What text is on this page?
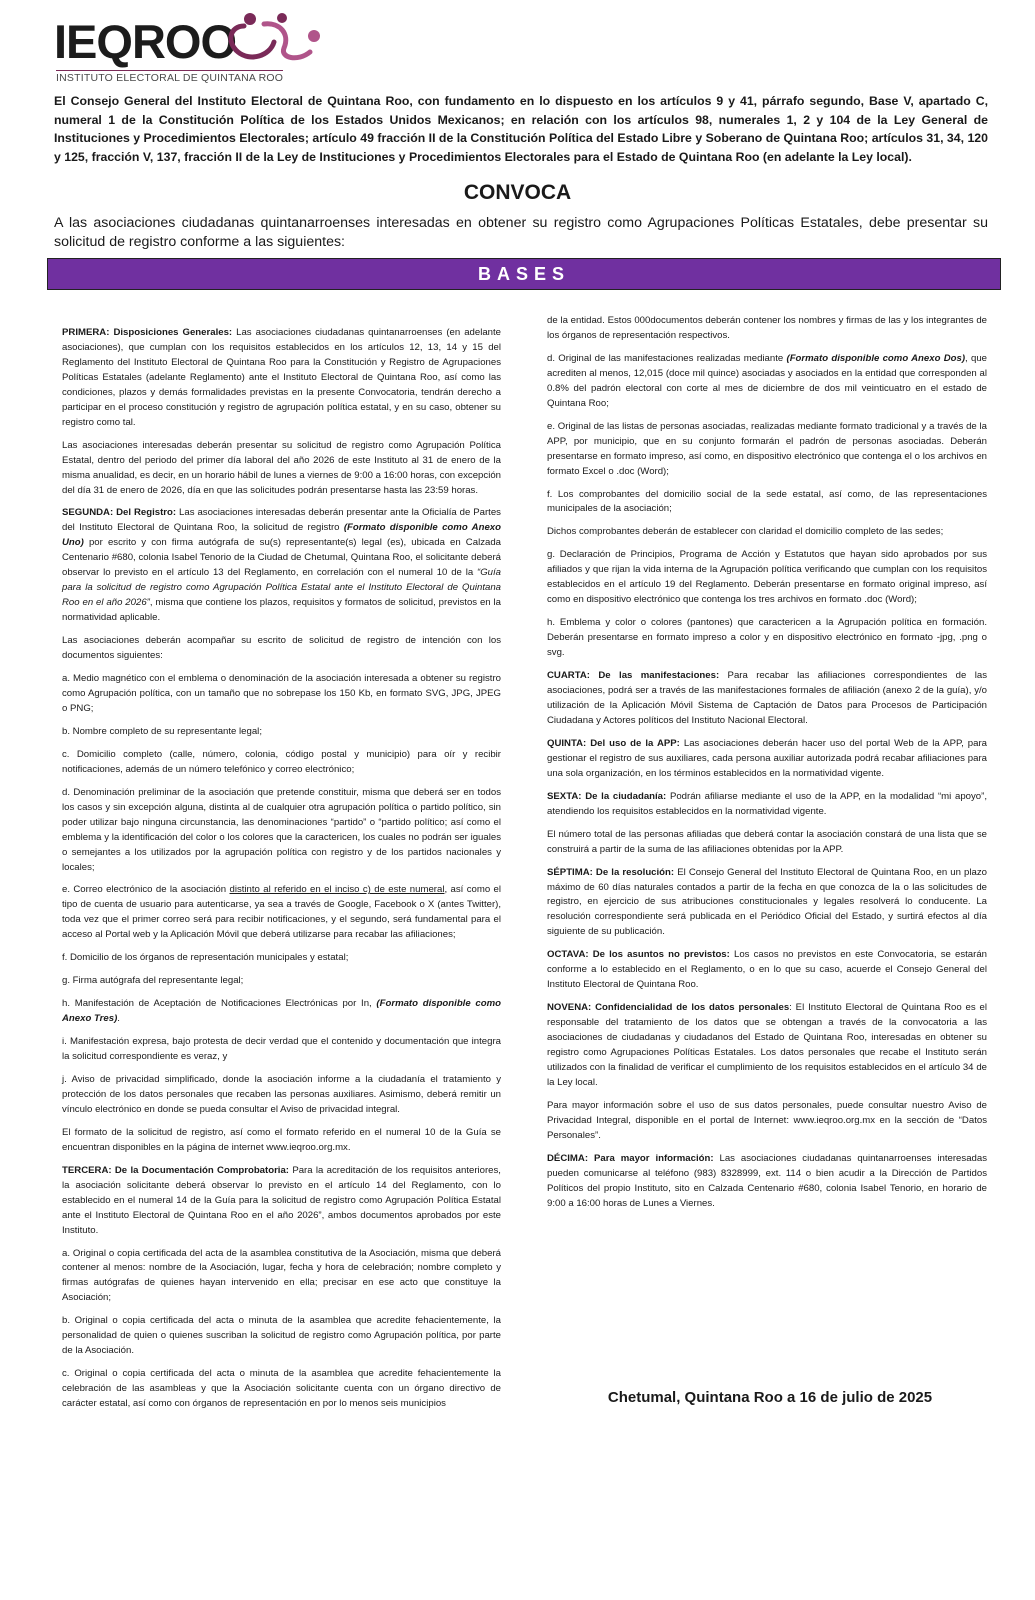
IEQROO
INSTITUTO ELECTORAL DE QUINTANA ROO

El Consejo General del Instituto Electoral de Quintana Roo, con fundamento en lo dispuesto en los artículos 9 y 41, párrafo segundo, Base V, apartado C, numeral 1 de la Constitución Política de los Estados Unidos Mexicanos; en relación con los artículos 98, numerales 1, 2 y 104 de la Ley General de Instituciones y Procedimientos Electorales; artículo 49 fracción II de la Constitución Política del Estado Libre y Soberano de Quintana Roo; artículos 31, 34, 120 y 125, fracción V, 137, fracción II de la Ley de Instituciones y Procedimientos Electorales para el Estado de Quintana Roo (en adelante la Ley local).

CONVOCA

A las asociaciones ciudadanas quintanarroenses interesadas en obtener su registro como Agrupaciones Políticas Estatales, debe presentar su solicitud de registro conforme a las siguientes:

BASES

PRIMERA: Disposiciones Generales: Las asociaciones ciudadanas quintanarroenses (en adelante asociaciones), que cumplan con los requisitos establecidos en los artículos 12, 13, 14 y 15 del Reglamento del Instituto Electoral de Quintana Roo para la Constitución y Registro de Agrupaciones Políticas Estatales (adelante Reglamento) ante el Instituto Electoral de Quintana Roo, así como las condiciones, plazos y demás formalidades previstas en la presente Convocatoria, tendrán derecho a participar en el proceso constitución y registro de agrupación política estatal, y en su caso, obtener su registro como tal.

Las asociaciones interesadas deberán presentar su solicitud de registro como Agrupación Política Estatal, dentro del periodo del primer día laboral del año 2026 de este Instituto al 31 de enero de la misma anualidad, es decir, en un horario hábil de lunes a viernes de 9:00 a 16:00 horas, con excepción del día 31 de enero de 2026, día en que las solicitudes podrán presentarse hasta las 23:59 horas.

SEGUNDA: Del Registro: Las asociaciones interesadas deberán presentar ante la Oficialía de Partes del Instituto Electoral de Quintana Roo, la solicitud de registro (Formato disponible como Anexo Uno) por escrito y con firma autógrafa de su(s) representante(s) legal (es), ubicada en Calzada Centenario #680, colonia Isabel Tenorio de la Ciudad de Chetumal, Quintana Roo, el solicitante deberá observar lo previsto en el artículo 13 del Reglamento, en correlación con el numeral 10 de la “Guía para la solicitud de registro como Agrupación Política Estatal ante el Instituto Electoral de Quintana Roo en el año 2026”, misma que contiene los plazos, requisitos y formatos de solicitud, previstos en la normatividad aplicable.

Las asociaciones deberán acompañar su escrito de solicitud de registro de intención con los documentos siguientes:

a. Medio magnético con el emblema o denominación de la asociación interesada a obtener su registro como Agrupación política, con un tamaño que no sobrepase los 150 Kb, en formato SVG, JPG, JPEG o PNG;

b. Nombre completo de su representante legal;

c. Domicilio completo (calle, número, colonia, código postal y municipio) para oír y recibir notificaciones, además de un número telefónico y correo electrónico;

d. Denominación preliminar de la asociación que pretende constituir, misma que deberá ser en todos los casos y sin excepción alguna, distinta al de cualquier otra agrupación política o partido político, sin poder utilizar bajo ninguna circunstancia, las denominaciones “partido” o “partido político; así como el emblema y la identificación del color o los colores que la caractericen, los cuales no podrán ser iguales o semejantes a los utilizados por la agrupación política con registro y de los partidos nacionales y locales;

e. Correo electrónico de la asociación distinto al referido en el inciso c) de este numeral, así como el tipo de cuenta de usuario para autenticarse, ya sea a través de Google, Facebook o X (antes Twitter), toda vez que el primer correo será para recibir notificaciones, y el segundo, será fundamental para el acceso al Portal web y la Aplicación Móvil que deberá utilizarse para recabar las afiliaciones;

f. Domicilio de los órganos de representación municipales y estatal;

g. Firma autógrafa del representante legal;

h. Manifestación de Aceptación de Notificaciones Electrónicas por In, (Formato disponible como Anexo Tres).

i. Manifestación expresa, bajo protesta de decir verdad que el contenido y documentación que integra la solicitud correspondiente es veraz, y

j. Aviso de privacidad simplificado, donde la asociación informe a la ciudadanía el tratamiento y protección de los datos personales que recaben las personas auxiliares. Asimismo, deberá remitir un vínculo electrónico en donde se pueda consultar el Aviso de privacidad integral.

El formato de la solicitud de registro, así como el formato referido en el numeral 10 de la Guía se encuentran disponibles en la página de internet www.ieqroo.org.mx.

TERCERA: De la Documentación Comprobatoria: Para la acreditación de los requisitos anteriores, la asociación solicitante deberá observar lo previsto en el artículo 14 del Reglamento, con lo establecido en el numeral 14 de la Guía para la solicitud de registro como Agrupación Política Estatal ante el Instituto Electoral de Quintana Roo en el año 2026”, ambos documentos aprobados por este Instituto.

a. Original o copia certificada del acta de la asamblea constitutiva de la Asociación, misma que deberá contener al menos: nombre de la Asociación, lugar, fecha y hora de celebración; nombre completo y firmas autógrafas de quienes hayan intervenido en ella; precisar en ese acto que constituye la Asociación;

b. Original o copia certificada del acta o minuta de la asamblea que acredite fehacientemente, la personalidad de quien o quienes suscriban la solicitud de registro como Agrupación política, por parte de la Asociación.

c. Original o copia certificada del acta o minuta de la asamblea que acredite fehacientemente la celebración de las asambleas y que la Asociación solicitante cuenta con un órgano directivo de carácter estatal, así como con órganos de representación en por lo menos seis municipios

de la entidad. Estos 000documentos deberán contener los nombres y firmas de las y los integrantes de los órganos de representación respectivos.

d. Original de las manifestaciones realizadas mediante (Formato disponible como Anexo Dos), que acrediten al menos, 12,015 (doce mil quince) asociadas y asociados en la entidad que corresponden al 0.8% del padrón electoral con corte al mes de diciembre de dos mil veinticuatro en el estado de Quintana Roo;

e. Original de las listas de personas asociadas, realizadas mediante formato tradicional y a través de la APP, por municipio, que en su conjunto formarán el padrón de personas asociadas. Deberán presentarse en formato impreso, así como, en dispositivo electrónico que contenga el o los archivos en formato Excel o .doc (Word);

f. Los comprobantes del domicilio social de la sede estatal, así como, de las representaciones municipales de la asociación;

Dichos comprobantes deberán de establecer con claridad el domicilio completo de las sedes;

g. Declaración de Principios, Programa de Acción y Estatutos que hayan sido aprobados por sus afiliados y que rijan la vida interna de la Agrupación política verificando que cumplan con los requisitos establecidos en el artículo 19 del Reglamento. Deberán presentarse en formato original impreso, así como en dispositivo electrónico que contenga los tres archivos en formato .doc (Word);

h. Emblema y color o colores (pantones) que caractericen a la Agrupación política en formación. Deberán presentarse en formato impreso a color y en dispositivo electrónico en formato -jpg, .png o svg.

CUARTA: De las manifestaciones: Para recabar las afiliaciones correspondientes de las asociaciones, podrá ser a través de las manifestaciones formales de afiliación (anexo 2 de la guía), y/o utilización de la Aplicación Móvil Sistema de Captación de Datos para Procesos de Participación Ciudadana y Actores políticos del Instituto Nacional Electoral.

QUINTA: Del uso de la APP: Las asociaciones deberán hacer uso del portal Web de la APP, para gestionar el registro de sus auxiliares, cada persona auxiliar autorizada podrá recabar afiliaciones para una sola organización, en los términos establecidos en la normatividad vigente.

SEXTA: De la ciudadanía: Podrán afiliarse mediante el uso de la APP, en la modalidad “mi apoyo”, atendiendo los requisitos establecidos en la normatividad vigente.

El número total de las personas afiliadas que deberá contar la asociación constará de una lista que se construirá a partir de la suma de las afiliaciones obtenidas por la APP.

SÉPTIMA: De la resolución: El Consejo General del Instituto Electoral de Quintana Roo, en un plazo máximo de 60 días naturales contados a partir de la fecha en que conozca de la o las solicitudes de registro, en ejercicio de sus atribuciones constitucionales y legales resolverá lo conducente. La resolución correspondiente será publicada en el Periódico Oficial del Estado, y surtirá efectos al día siguiente de su publicación.

OCTAVA: De los asuntos no previstos: Los casos no previstos en este Convocatoria, se estarán conforme a lo establecido en el Reglamento, o en lo que su caso, acuerde el Consejo General del Instituto Electoral de Quintana Roo.

NOVENA: Confidencialidad de los datos personales: El Instituto Electoral de Quintana Roo es el responsable del tratamiento de los datos que se obtengan a través de la convocatoria a las asociaciones de ciudadanas y ciudadanos del Estado de Quintana Roo, interesadas en obtener su registro como Agrupaciones Políticas Estatales. Los datos personales que recabe el Instituto serán utilizados con la finalidad de verificar el cumplimiento de los requisitos establecidos en el artículo 34 de la Ley local.

Para mayor información sobre el uso de sus datos personales, puede consultar nuestro Aviso de Privacidad Integral, disponible en el portal de Internet: www.ieqroo.org.mx en la sección de “Datos Personales”.

DÉCIMA: Para mayor información: Las asociaciones ciudadanas quintanarroenses interesadas pueden comunicarse al teléfono (983) 8328999, ext. 114 o bien acudir a la Dirección de Partidos Políticos del propio Instituto, sito en Calzada Centenario #680, colonia Isabel Tenorio, en horario de 9:00 a 16:00 horas de Lunes a Viernes.

Chetumal, Quintana Roo a 16 de julio de 2025
